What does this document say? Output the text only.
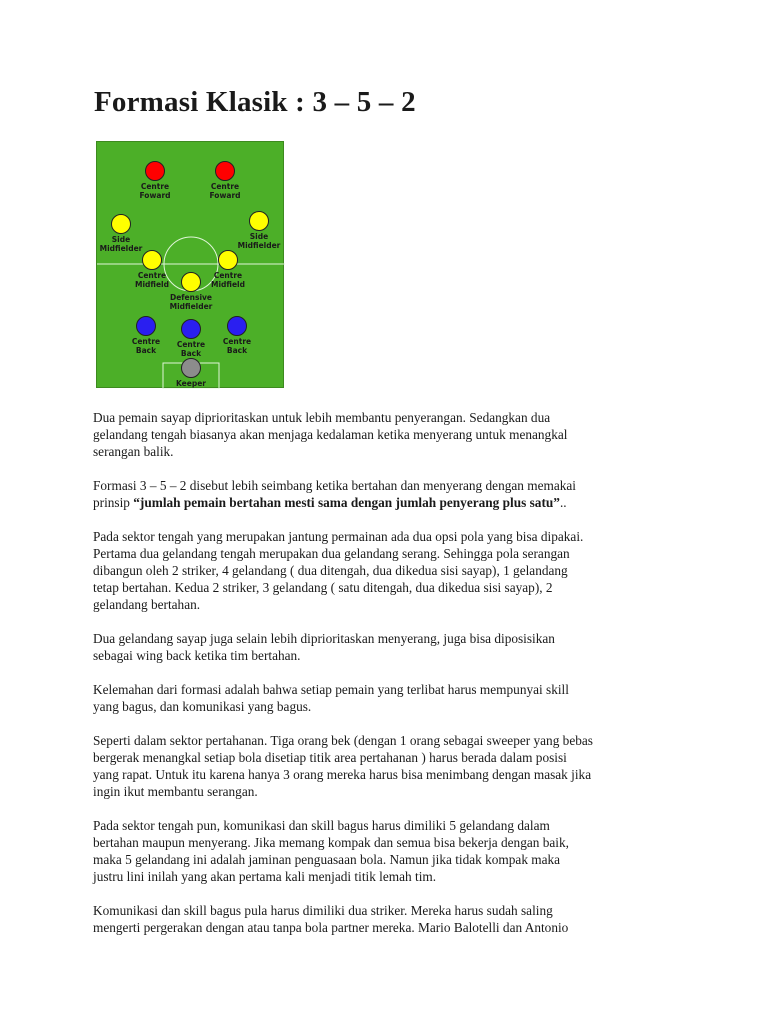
Formasi Klasik : 3 – 5 – 2
Centre
Foward
Centre
Foward
Side
Midfielder
Side
Midfielder
Centre
Midfield
Defensive
Midfielder
Centre
Midfield
Centre
Back
Centre
Back
Centre
Back
Keeper

Dua pemain sayap diprioritaskan untuk lebih membantu penyerangan. Sedangkan dua
gelandang tengah biasanya akan menjaga kedalaman ketika menyerang untuk menangkal
serangan balik.

Formasi 3 – 5 – 2 disebut lebih seimbang ketika bertahan dan menyerang dengan memakai
prinsip “jumlah pemain bertahan mesti sama dengan jumlah penyerang plus satu”..

Pada sektor tengah yang merupakan jantung permainan ada dua opsi pola yang bisa dipakai.
Pertama dua gelandang tengah merupakan dua gelandang serang. Sehingga pola serangan
dibangun oleh 2 striker, 4 gelandang ( dua ditengah, dua dikedua sisi sayap), 1 gelandang
tetap bertahan. Kedua 2 striker, 3 gelandang ( satu ditengah, dua dikedua sisi sayap), 2
gelandang bertahan.

Dua gelandang sayap juga selain lebih diprioritaskan menyerang, juga bisa diposisikan
sebagai wing back ketika tim bertahan.

Kelemahan dari formasi adalah bahwa setiap pemain yang terlibat harus mempunyai skill
yang bagus, dan komunikasi yang bagus.

Seperti dalam sektor pertahanan. Tiga orang bek (dengan 1 orang sebagai sweeper yang bebas
bergerak menangkal setiap bola disetiap titik area pertahanan ) harus berada dalam posisi
yang rapat. Untuk itu karena hanya 3 orang mereka harus bisa menimbang dengan masak jika
ingin ikut membantu serangan.

Pada sektor tengah pun, komunikasi dan skill bagus harus dimiliki 5 gelandang dalam
bertahan maupun menyerang. Jika memang kompak dan semua bisa bekerja dengan baik,
maka 5 gelandang ini adalah jaminan penguasaan bola. Namun jika tidak kompak maka
justru lini inilah yang akan pertama kali menjadi titik lemah tim.

Komunikasi dan skill bagus pula harus dimiliki dua striker. Mereka harus sudah saling
mengerti pergerakan dengan atau tanpa bola partner mereka. Mario Balotelli dan Antonio
